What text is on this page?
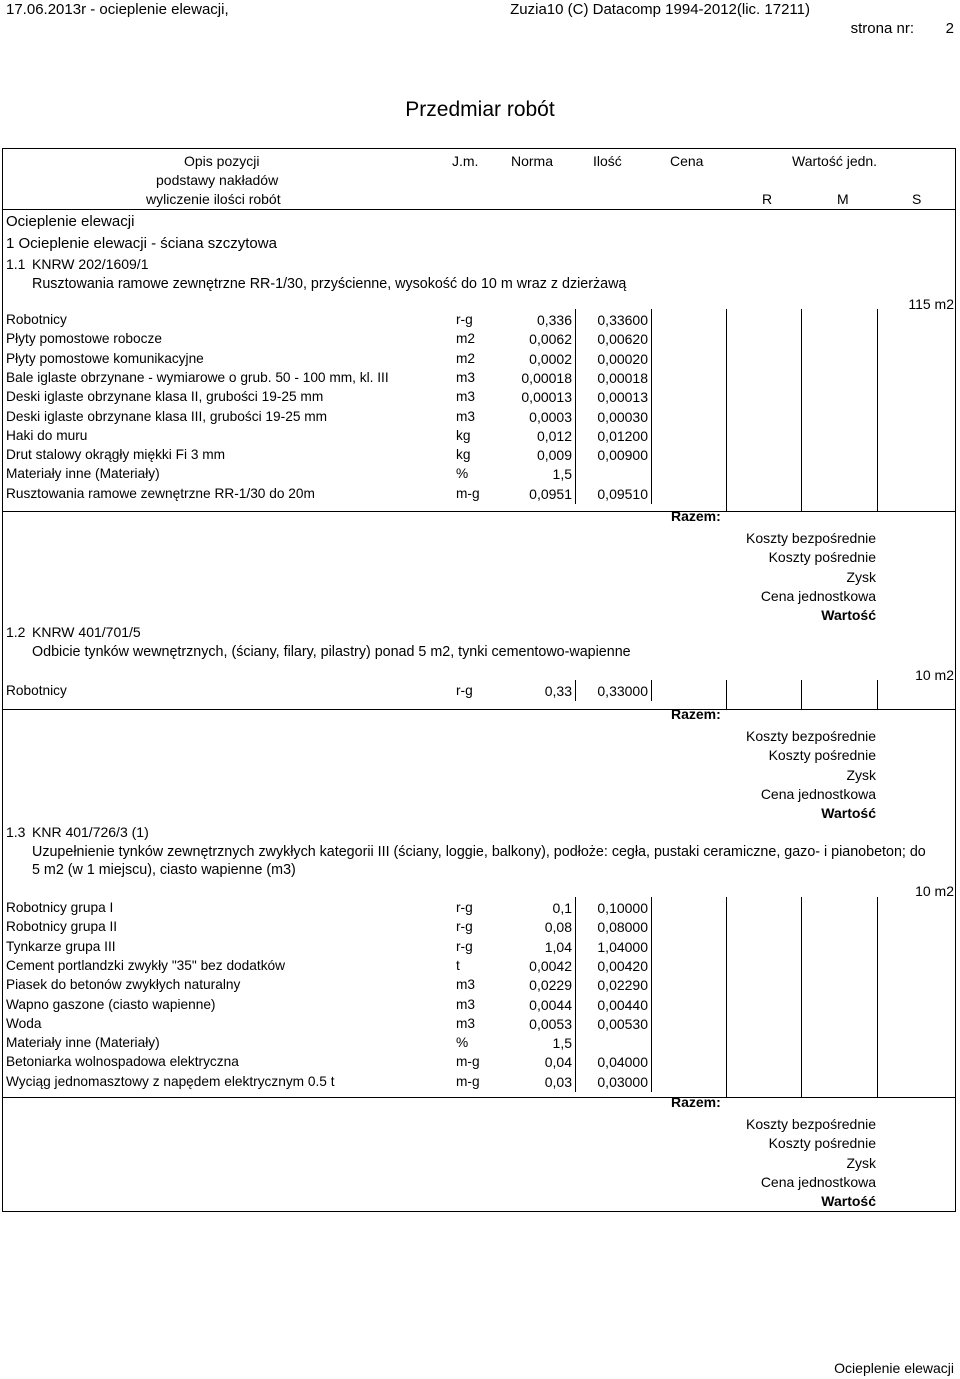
17.06.2013r - ocieplenie elewacji,	Zuzia10 (C) Datacomp 1994-2012(lic. 17211)
strona nr: 2
Przedmiar robót
Opis pozycji
podstawy nakładów
wyliczenie ilości robót
J.m. Norma	Ilość	Cena	Wartość jedn.
R	M	S
Ocieplenie elewacji
1 Ocieplenie elewacji - ściana szczytowa
1.1 KNRW 202/1609/1
Rusztowania ramowe zewnętrzne RR-1/30, przyścienne, wysokość do 10 m wraz z dzierżawą
115 m2
Robotnicy	r-g	0,336	0,33600
Płyty pomostowe robocze	m2	0,0062	0,00620
Płyty pomostowe komunikacyjne	m2	0,0002	0,00020
Bale iglaste obrzynane - wymiarowe o grub. 50 - 100 mm, kl. III	m3	0,00018	0,00018
Deski iglaste obrzynane klasa II, grubości 19-25 mm	m3	0,00013	0,00013
Deski iglaste obrzynane klasa III, grubości 19-25 mm	m3	0,0003	0,00030
Haki do muru	kg	0,012	0,01200
Drut stalowy okrągły miękki Fi 3 mm	kg	0,009	0,00900
Materiały inne (Materiały)	%	1,5
Rusztowania ramowe zewnętrzne RR-1/30 do 20m	m-g	0,0951	0,09510
Razem:
Koszty bezpośrednie
Koszty pośrednie
Zysk
Cena jednostkowa
Wartość
1.2 KNRW 401/701/5
Odbicie tynków wewnętrznych, (ściany, filary, pilastry) ponad 5 m2, tynki cementowo-wapienne
10 m2
Robotnicy	r-g	0,33	0,33000
Razem:
Koszty bezpośrednie
Koszty pośrednie
Zysk
Cena jednostkowa
Wartość
1.3 KNR 401/726/3 (1)
Uzupełnienie tynków zewnętrznych zwykłych kategorii III (ściany, loggie, balkony), podłoże: cegła, pustaki ceramiczne, gazo- i pianobeton; do
5 m2 (w 1 miejscu), ciasto wapienne (m3)
10 m2
Robotnicy grupa I	r-g	0,1	0,10000
Robotnicy grupa II	r-g	0,08	0,08000
Tynkarze grupa III	r-g	1,04	1,04000
Cement portlandzki zwykły "35" bez dodatków	t	0,0042	0,00420
Piasek do betonów zwykłych naturalny	m3	0,0229	0,02290
Wapno gaszone (ciasto wapienne)	m3	0,0044	0,00440
Woda	m3	0,0053	0,00530
Materiały inne (Materiały)	%	1,5
Betoniarka wolnospadowa elektryczna	m-g	0,04	0,04000
Wyciąg jednomasztowy z napędem elektrycznym 0.5 t	m-g	0,03	0,03000
Razem:
Koszty bezpośrednie
Koszty pośrednie
Zysk
Cena jednostkowa
Wartość
Ocieplenie elewacji
